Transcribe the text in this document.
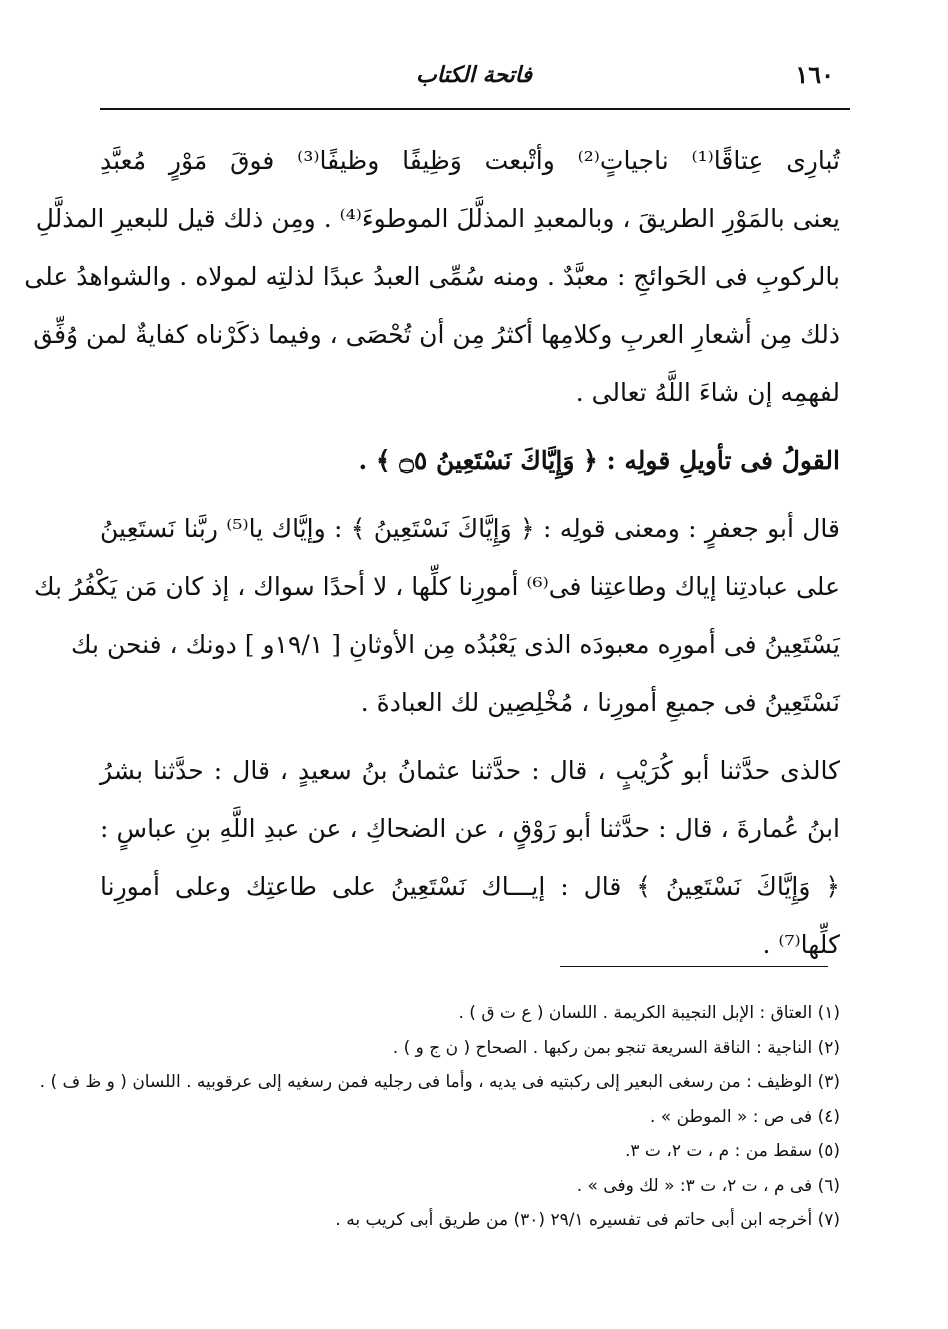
١٦٠
فاتحة الكتاب
تُبارِى عِتاقًا⁽¹⁾ ناجياتٍ⁽²⁾ وأتْبعت وَظِيفًا وظيفًا⁽³⁾ فوقَ مَوْرٍ مُعبَّدِ
يعنى بالمَوْرِ الطريقَ ، وبالمعبدِ المذلَّلَ الموطوءَ⁽⁴⁾ . ومِن ذلك قيل للبعيرِ المذلَّلِ
بالركوبِ فى الحَوائجِ : معبَّدٌ . ومنه سُمِّى العبدُ عبدًا لذلتِه لمولاه . والشواهدُ على
ذلك مِن أشعارِ العربِ وكلامِها أكثرُ مِن أن تُحْصَى ، وفيما ذكَرْناه كفايةٌ لمن وُفِّق
لفهمِه إن شاءَ اللَّهُ تعالى .
القولُ فى تأويلِ قولِه : ﴿ وَإِيَّاكَ نَسْتَعِينُ ۝٥ ﴾ .
قال أبو جعفرٍ : ومعنى قولِه : ﴿ وَإِيَّاكَ نَسْتَعِينُ ﴾ : وإيَّاك يا⁽⁵⁾ ربَّنا نَستَعِينُ
على عبادتِنا إياك وطاعتِنا فى⁽⁶⁾ أمورِنا كلِّها ، لا أحدًا سواك ، إذ كان مَن يَكْفُرُ بك
يَسْتَعِينُ فى أمورِه معبودَه الذى يَعْبُدُه مِن الأوثانِ [ ١٩/١و ] دونك ، فنحن بك
نَسْتَعِينُ فى جميعِ أمورِنا ، مُخْلِصِين لك العبادةَ .
كالذى حدَّثنا أبو كُرَيْبٍ ، قال : حدَّثنا عثمانُ بنُ سعيدٍ ، قال : حدَّثنا بشرُ
ابنُ عُمارةَ ، قال : حدَّثنا أبو رَوْقٍ ، عن الضحاكِ ، عن عبدِ اللَّهِ بنِ عباسٍ :
﴿ وَإِيَّاكَ نَسْتَعِينُ ﴾ قال : إيـــاك نَسْتَعِينُ على طاعتِك وعلى أمورِنا
كلِّها⁽⁷⁾ .
(١) العتاق : الإبل النجيبة الكريمة . اللسان ( ع ت ق ) .
(٢) الناجية : الناقة السريعة تنجو بمن ركبها . الصحاح ( ن ج و ) .
(٣) الوظيف : من رسغى البعير إلى ركبتيه فى يديه ، وأما فى رجليه فمن رسغيه إلى عرقوبيه . اللسان ( و ظ ف ) .
(٤) فى ص : « الموطن » .
(٥) سقط من : م ، ت ٢، ت ٣.
(٦) فى م ، ت ٢، ت ٣: « لك وفى » .
(٧) أخرجه ابن أبى حاتم فى تفسيره ٢٩/١ (٣٠) من طريق أبى كريب به .
